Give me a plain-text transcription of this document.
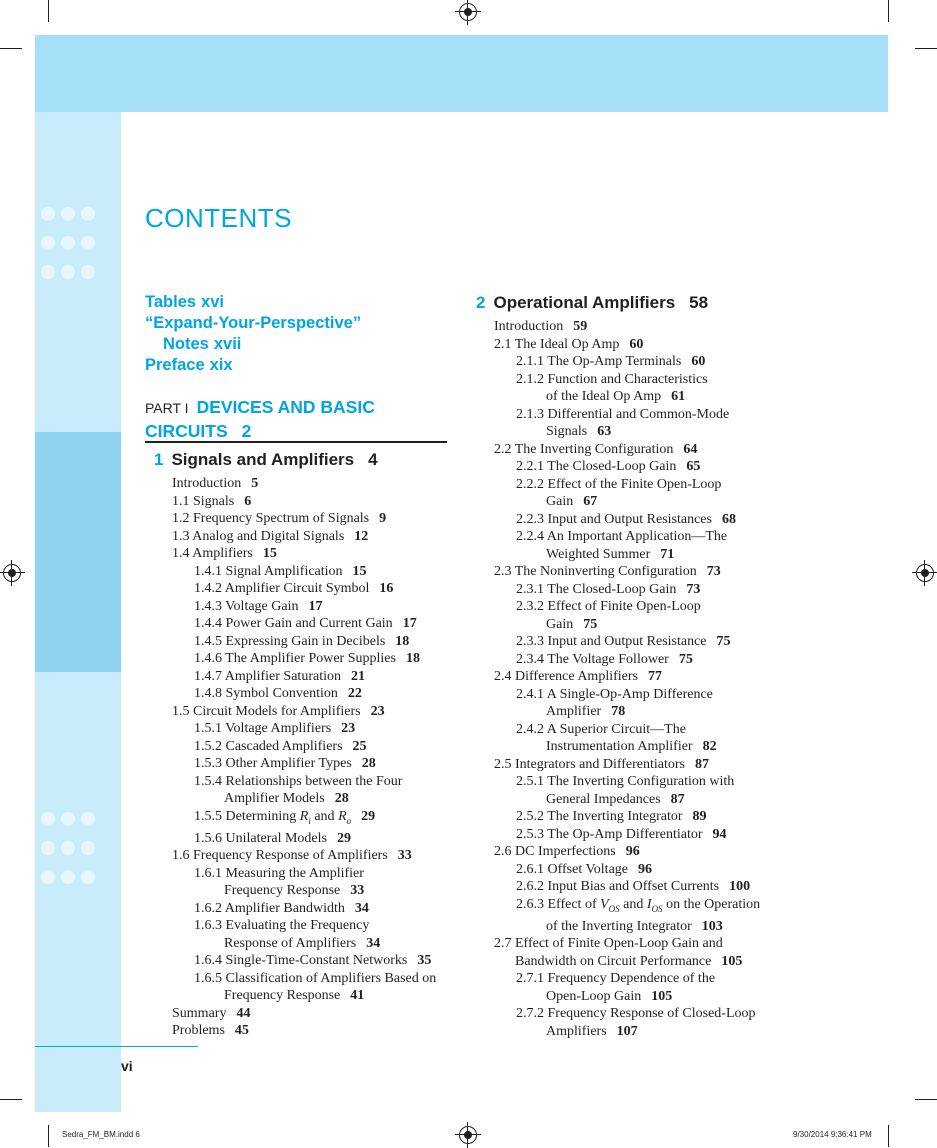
CONTENTS
Tables xvi
“Expand-Your-Perspective”
Notes xvii
Preface xix
PART I DEVICES AND BASIC
CIRCUITS 2
1 Signals and Amplifiers 4
Introduction 5
1.1 Signals 6
1.2 Frequency Spectrum of Signals 9
1.3 Analog and Digital Signals 12
1.4 Amplifiers 15
1.4.1 Signal Amplification 15
1.4.2 Amplifier Circuit Symbol 16
1.4.3 Voltage Gain 17
1.4.4 Power Gain and Current Gain 17
1.4.5 Expressing Gain in Decibels 18
1.4.6 The Amplifier Power Supplies 18
1.4.7 Amplifier Saturation 21
1.4.8 Symbol Convention 22
1.5 Circuit Models for Amplifiers 23
1.5.1 Voltage Amplifiers 23
1.5.2 Cascaded Amplifiers 25
1.5.3 Other Amplifier Types 28
1.5.4 Relationships between the Four
Amplifier Models 28
1.5.5 Determining $R_i$ and $R_o$ 29
1.5.6 Unilateral Models 29
1.6 Frequency Response of Amplifiers 33
1.6.1 Measuring the Amplifier
Frequency Response 33
1.6.2 Amplifier Bandwidth 34
1.6.3 Evaluating the Frequency
Response of Amplifiers 34
1.6.4 Single-Time-Constant Networks 35
1.6.5 Classification of Amplifiers Based on
Frequency Response 41
Summary 44
Problems 45
2 Operational Amplifiers 58
Introduction 59
2.1 The Ideal Op Amp 60
2.1.1 The Op-Amp Terminals 60
2.1.2 Function and Characteristics
of the Ideal Op Amp 61
2.1.3 Differential and Common-Mode
Signals 63
2.2 The Inverting Configuration 64
2.2.1 The Closed-Loop Gain 65
2.2.2 Effect of the Finite Open-Loop
Gain 67
2.2.3 Input and Output Resistances 68
2.2.4 An Important Application—The
Weighted Summer 71
2.3 The Noninverting Configuration 73
2.3.1 The Closed-Loop Gain 73
2.3.2 Effect of Finite Open-Loop
Gain 75
2.3.3 Input and Output Resistance 75
2.3.4 The Voltage Follower 75
2.4 Difference Amplifiers 77
2.4.1 A Single-Op-Amp Difference
Amplifier 78
2.4.2 A Superior Circuit—The
Instrumentation Amplifier 82
2.5 Integrators and Differentiators 87
2.5.1 The Inverting Configuration with
General Impedances 87
2.5.2 The Inverting Integrator 89
2.5.3 The Op-Amp Differentiator 94
2.6 DC Imperfections 96
2.6.1 Offset Voltage 96
2.6.2 Input Bias and Offset Currents 100
2.6.3 Effect of $V_{OS}$ and $I_{OS}$ on the Operation
of the Inverting Integrator 103
2.7 Effect of Finite Open-Loop Gain and
Bandwidth on Circuit Performance 105
2.7.1 Frequency Dependence of the
Open-Loop Gain 105
2.7.2 Frequency Response of Closed-Loop
Amplifiers 107
vi
Sedra_FM_BM.indd 6	9/30/2014 9:36:41 PM
